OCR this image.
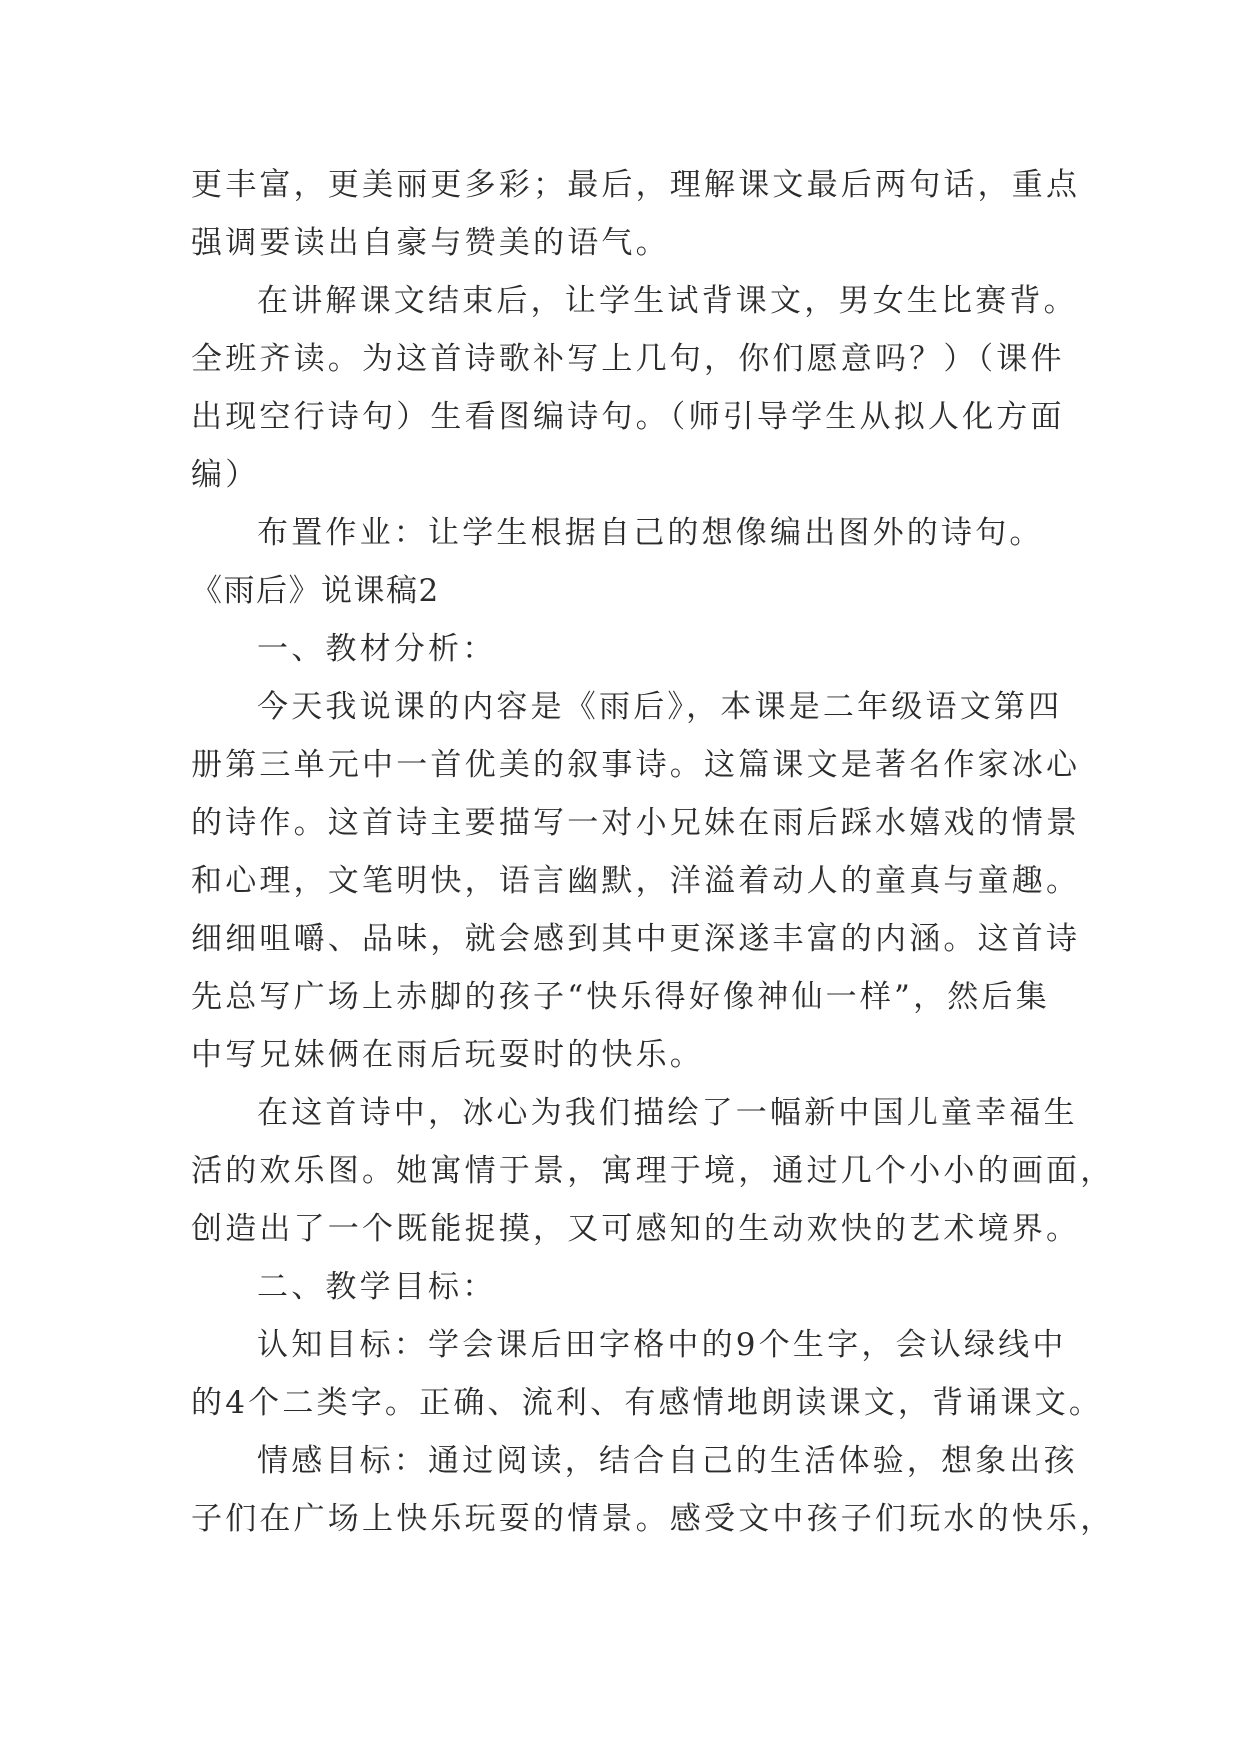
更丰富，更美丽更多彩；最后，理解课文最后两句话，重点
强调要读出自豪与赞美的语气。
在讲解课文结束后，让学生试背课文，男女生比赛背。
全班齐读。为这首诗歌补写上几句，你们愿意吗？）（课件
出现空行诗句）生看图编诗句。（师引导学生从拟人化方面
编）
布置作业：让学生根据自己的想像编出图外的诗句。
《雨后》说课稿2
一、教材分析：
今天我说课的内容是《雨后》，本课是二年级语文第四
册第三单元中一首优美的叙事诗。这篇课文是著名作家冰心
的诗作。这首诗主要描写一对小兄妹在雨后踩水嬉戏的情景
和心理，文笔明快，语言幽默，洋溢着动人的童真与童趣。
细细咀嚼、品味，就会感到其中更深遂丰富的内涵。这首诗
先总写广场上赤脚的孩子“快乐得好像神仙一样”，然后集
中写兄妹俩在雨后玩耍时的快乐。
在这首诗中，冰心为我们描绘了一幅新中国儿童幸福生
活的欢乐图。她寓情于景，寓理于境，通过几个小小的画面，
创造出了一个既能捉摸，又可感知的生动欢快的艺术境界。
二、教学目标：
认知目标：学会课后田字格中的9个生字，会认绿线中
的4个二类字。正确、流利、有感情地朗读课文，背诵课文。
情感目标：通过阅读，结合自己的生活体验，想象出孩
子们在广场上快乐玩耍的情景。感受文中孩子们玩水的快乐，
